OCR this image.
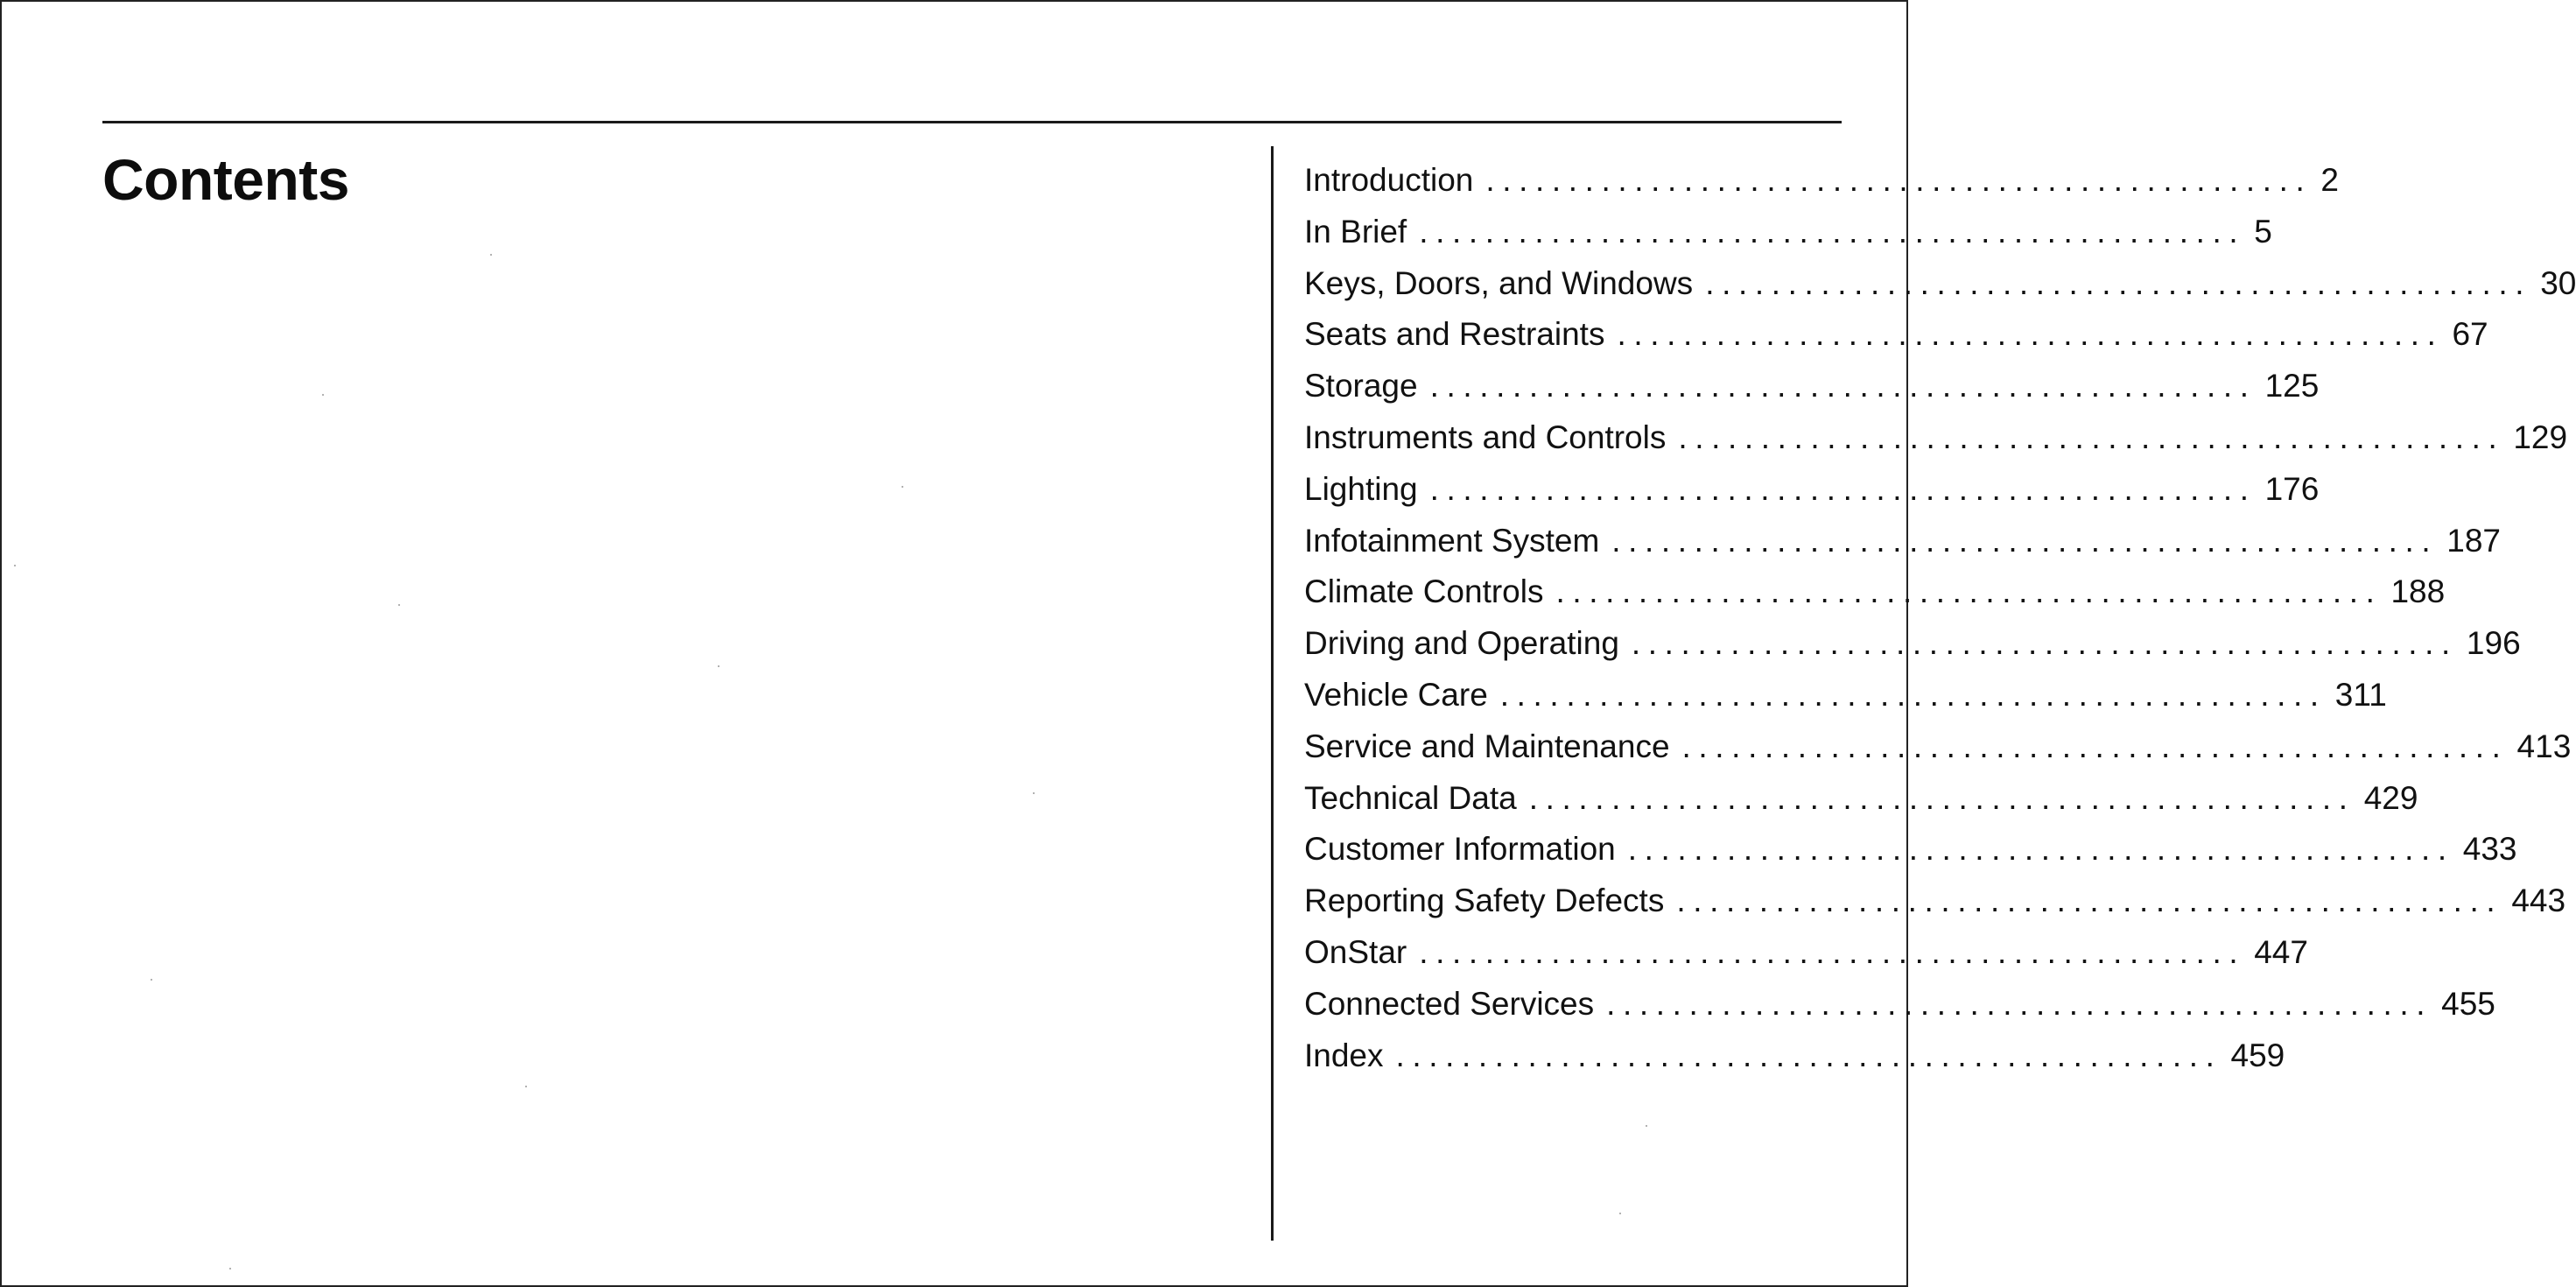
Contents	Introduction .................................................. 2
In Brief .................................................. 5
Keys, Doors, and Windows .................................................. 30
Seats and Restraints .................................................. 67
Storage .................................................. 125
Instruments and Controls .................................................. 129
Lighting .................................................. 176
Infotainment System .................................................. 187
Climate Controls .................................................. 188
Driving and Operating .................................................. 196
Vehicle Care .................................................. 311
Service and Maintenance .................................................. 413
Technical Data .................................................. 429
Customer Information .................................................. 433
Reporting Safety Defects .................................................. 443
OnStar .................................................. 447
Connected Services .................................................. 455
Index .................................................. 459
